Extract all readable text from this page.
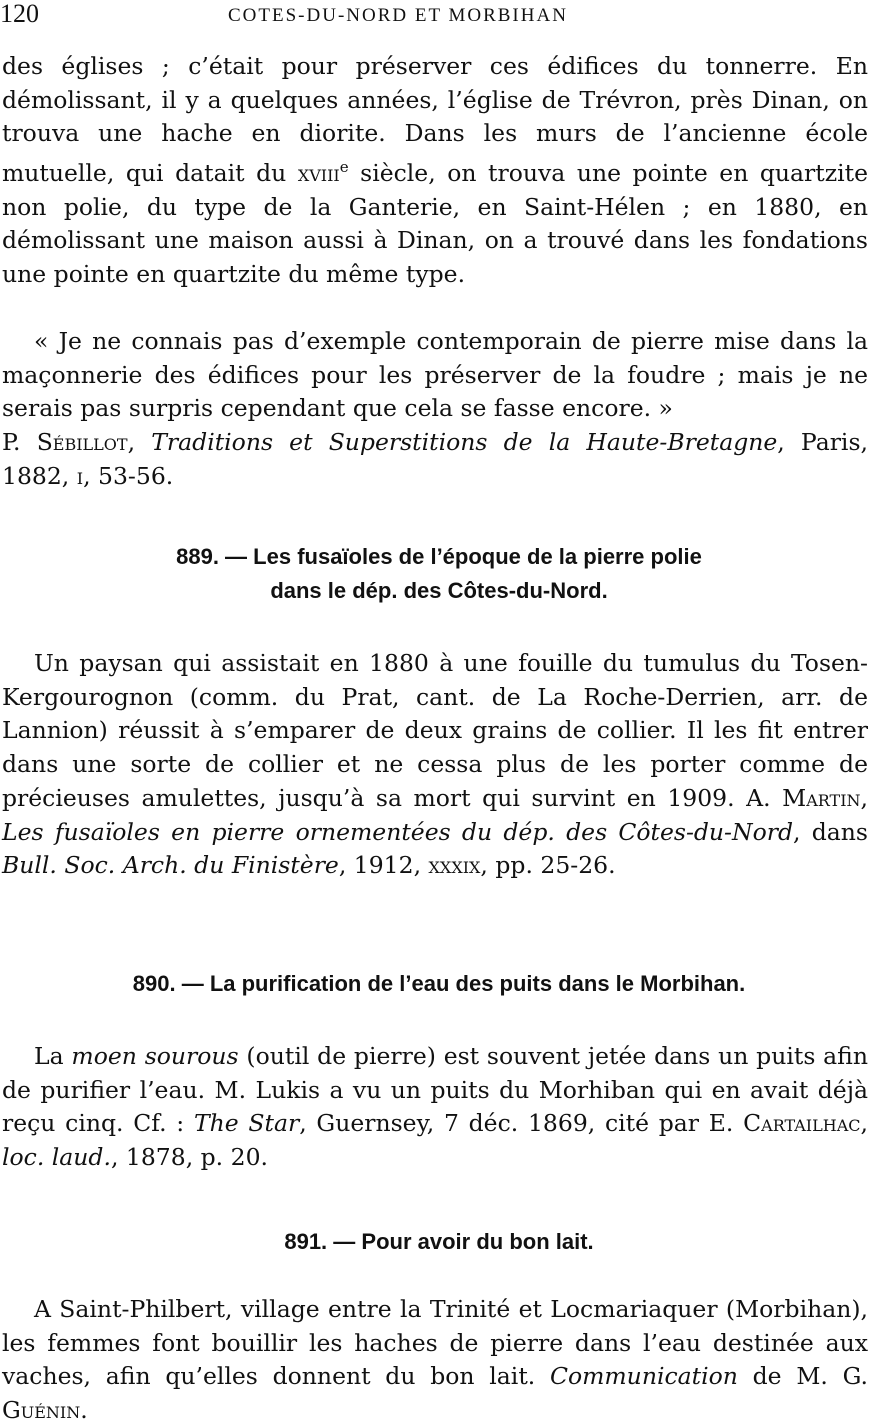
120	COTES-DU-NORD ET MORBIHAN

des églises ; c’était pour préserver ces édifices du tonnerre. En démolissant, il y a quelques années, l’église de Trévron, près Dinan, on trouva une hache en diorite. Dans les murs de l’ancienne école mutuelle, qui datait du xviii$^e$ siècle, on trouva une pointe en quartzite non polie, du type de la Ganterie, en Saint-Hélen ; en 1880, en démolissant une maison aussi à Dinan, on a trouvé dans les fondations une pointe en quartzite du même type.

« Je ne connais pas d’exemple contemporain de pierre mise dans la maçonnerie des édifices pour les préserver de la foudre ; mais je ne serais pas surpris cependant que cela se fasse encore. »
P. Sébillot, Traditions et Superstitions de la Haute-Bretagne, Paris, 1882, i, 53-56.

889. — Les fusaïoles de l’époque de la pierre polie
dans le dép. des Côtes-du-Nord.

Un paysan qui assistait en 1880 à une fouille du tumulus du Tosen-Kergourognon (comm. du Prat, cant. de La Roche-Derrien, arr. de Lannion) réussit à s’emparer de deux grains de collier. Il les fit entrer dans une sorte de collier et ne cessa plus de les porter comme de précieuses amulettes, jusqu’à sa mort qui survint en 1909. A. Martin, Les fusaïoles en pierre ornementées du dép. des Côtes-du-Nord, dans Bull. Soc. Arch. du Finistère, 1912, xxxix, pp. 25-26.

890. — La purification de l’eau des puits dans le Morbihan.

La moen sourous (outil de pierre) est souvent jetée dans un puits afin de purifier l’eau. M. Lukis a vu un puits du Morhiban qui en avait déjà reçu cinq. Cf. : The Star, Guernsey, 7 déc. 1869, cité par E. Cartailhac, loc. laud., 1878, p. 20.

891. — Pour avoir du bon lait.

A Saint-Philbert, village entre la Trinité et Locmariaquer (Morbihan), les femmes font bouillir les haches de pierre dans l’eau destinée aux vaches, afin qu’elles donnent du bon lait. Communication de M. G. Guénin.
